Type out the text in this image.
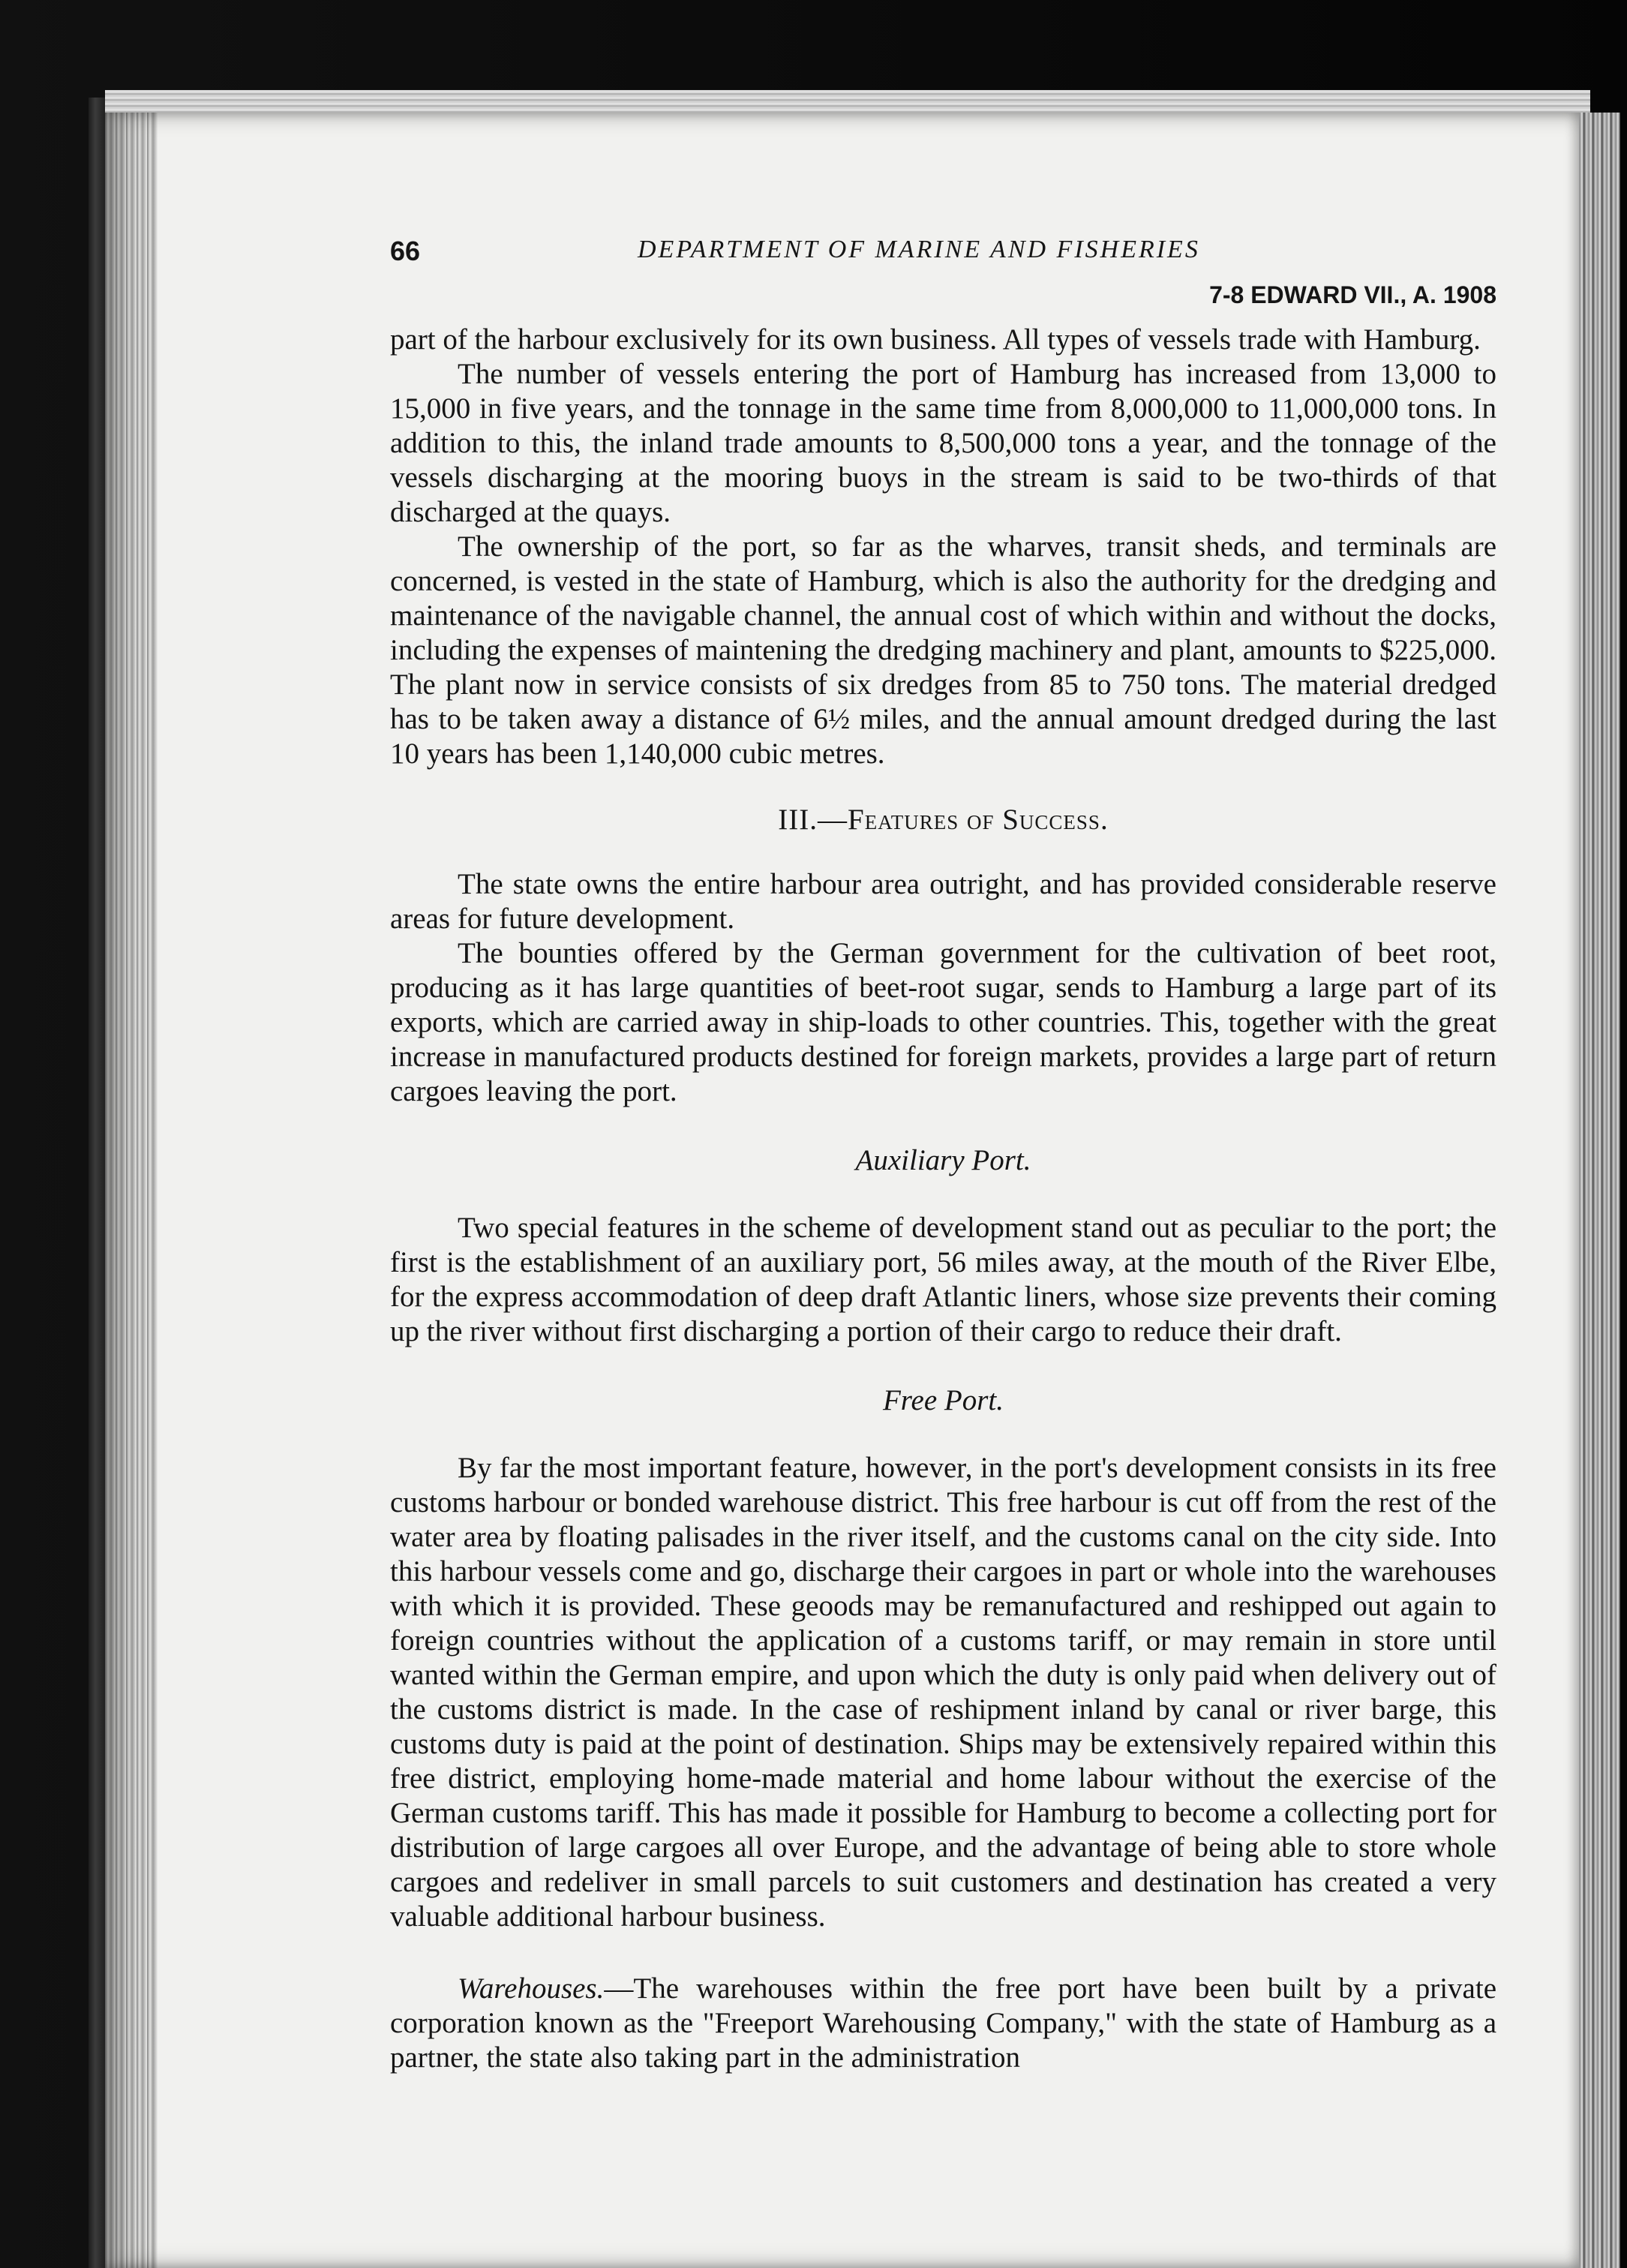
66	DEPARTMENT OF MARINE AND FISHERIES
7-8 EDWARD VII., A. 1908

part of the harbour exclusively for its own business. All types of vessels trade with Hamburg.

The number of vessels entering the port of Hamburg has increased from 13,000 to 15,000 in five years, and the tonnage in the same time from 8,000,000 to 11,000,000 tons. In addition to this, the inland trade amounts to 8,500,000 tons a year, and the tonnage of the vessels discharging at the mooring buoys in the stream is said to be two-thirds of that discharged at the quays.

The ownership of the port, so far as the wharves, transit sheds, and terminals are concerned, is vested in the state of Hamburg, which is also the authority for the dredging and maintenance of the navigable channel, the annual cost of which within and without the docks, including the expenses of maintening the dredging machinery and plant, amounts to $225,000. The plant now in service consists of six dredges from 85 to 750 tons. The material dredged has to be taken away a distance of 6½ miles, and the annual amount dredged during the last 10 years has been 1,140,000 cubic metres.

III.—Features of Success.

The state owns the entire harbour area outright, and has provided considerable reserve areas for future development.

The bounties offered by the German government for the cultivation of beet root, producing as it has large quantities of beet-root sugar, sends to Hamburg a large part of its exports, which are carried away in ship-loads to other countries. This, together with the great increase in manufactured products destined for foreign markets, provides a large part of return cargoes leaving the port.

Auxiliary Port.

Two special features in the scheme of development stand out as peculiar to the port; the first is the establishment of an auxiliary port, 56 miles away, at the mouth of the River Elbe, for the express accommodation of deep draft Atlantic liners, whose size prevents their coming up the river without first discharging a portion of their cargo to reduce their draft.

Free Port.

By far the most important feature, however, in the port's development consists in its free customs harbour or bonded warehouse district. This free harbour is cut off from the rest of the water area by floating palisades in the river itself, and the customs canal on the city side. Into this harbour vessels come and go, discharge their cargoes in part or whole into the warehouses with which it is provided. These geoods may be remanufactured and reshipped out again to foreign countries without the application of a customs tariff, or may remain in store until wanted within the German empire, and upon which the duty is only paid when delivery out of the customs district is made. In the case of reshipment inland by canal or river barge, this customs duty is paid at the point of destination. Ships may be extensively repaired within this free district, employing home-made material and home labour without the exercise of the German customs tariff. This has made it possible for Hamburg to become a collecting port for distribution of large cargoes all over Europe, and the advantage of being able to store whole cargoes and redeliver in small parcels to suit customers and destination has created a very valuable additional harbour business.

Warehouses.—The warehouses within the free port have been built by a private corporation known as the "Freeport Warehousing Company," with the state of Hamburg as a partner, the state also taking part in the administration
